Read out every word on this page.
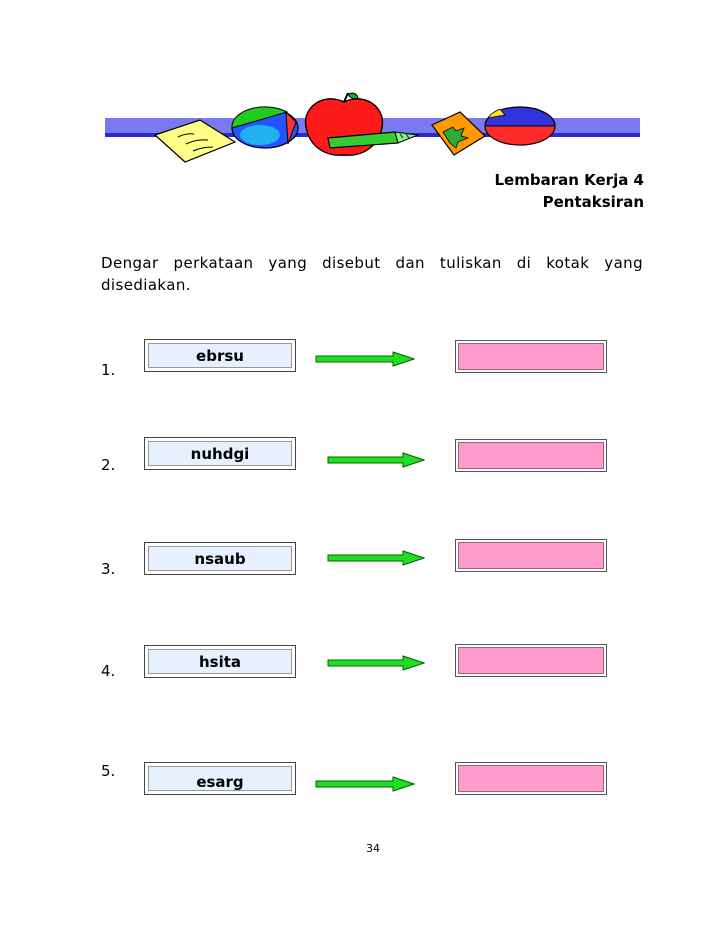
Lembaran Kerja 4
Pentaksiran
Dengar perkataan yang disebut dan tuliskan di kotak yang disediakan.
1.
ebrsu
2.
nuhdgi
3.
nsaub
4.	hsita
5.
esarg
34
